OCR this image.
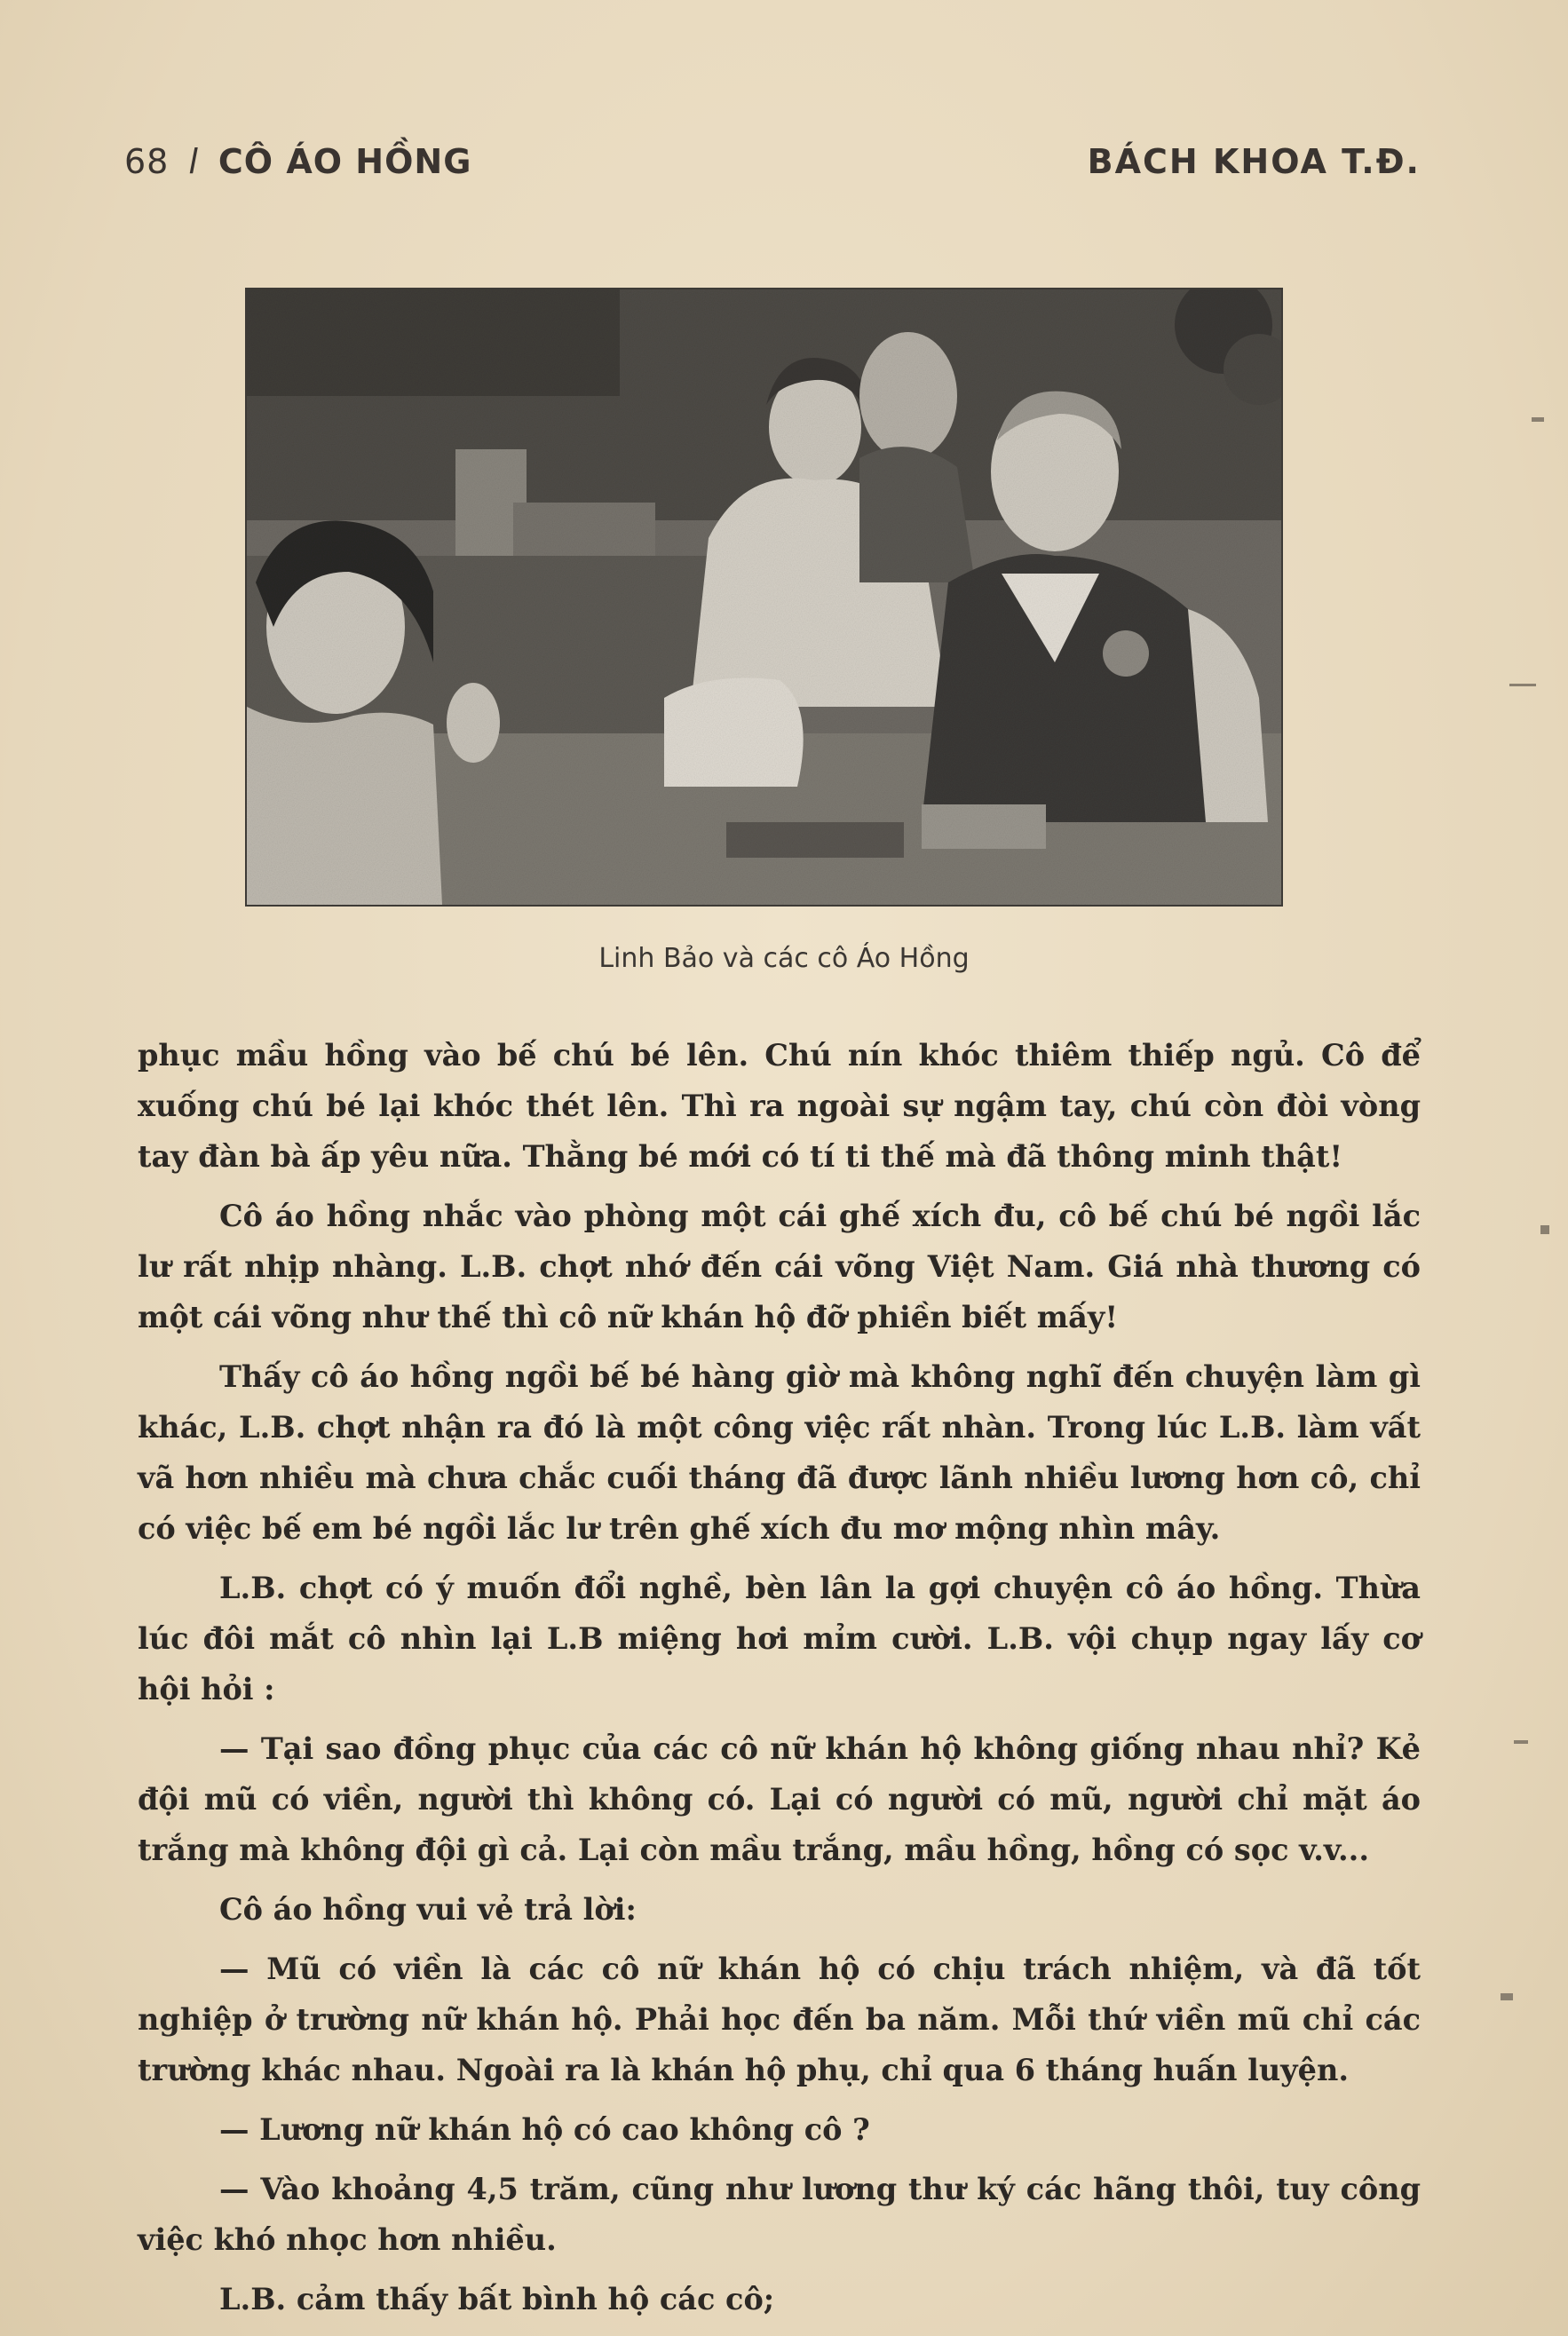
68 l CÔ ÁO HỒNG	BÁCH KHOA T.Đ.
Linh Bảo và các cô Áo Hồng

phục mầu hồng vào bế chú bé lên. Chú nín khóc thiêm thiếp ngủ. Cô để xuống chú bé lại khóc thét lên. Thì ra ngoài sự ngậm tay, chú còn đòi vòng tay đàn bà ấp yêu nữa. Thằng bé mới có tí ti thế mà đã thông minh thật!

Cô áo hồng nhắc vào phòng một cái ghế xích đu, cô bế chú bé ngồi lắc lư rất nhịp nhàng. L.B. chợt nhớ đến cái võng Việt Nam. Giá nhà thương có một cái võng như thế thì cô nữ khán hộ đỡ phiền biết mấy!

Thấy cô áo hồng ngồi bế bé hàng giờ mà không nghĩ đến chuyện làm gì khác, L.B. chợt nhận ra đó là một công việc rất nhàn. Trong lúc L.B. làm vất vã hơn nhiều mà chưa chắc cuối tháng đã được lãnh nhiều lương hơn cô, chỉ có việc bế em bé ngồi lắc lư trên ghế xích đu mơ mộng nhìn mây.

L.B. chợt có ý muốn đổi nghề, bèn lân la gợi chuyện cô áo hồng. Thừa lúc đôi mắt cô nhìn lại L.B miệng hơi mỉm cười. L.B. vội chụp ngay lấy cơ hội hỏi :

— Tại sao đồng phục của các cô nữ khán hộ không giống nhau nhỉ? Kẻ đội mũ có viền, người thì không có. Lại có người có mũ, người chỉ mặt áo trắng mà không đội gì cả. Lại còn mầu trắng, mầu hồng, hồng có sọc v.v...

Cô áo hồng vui vẻ trả lời:

— Mũ có viền là các cô nữ khán hộ có chịu trách nhiệm, và đã tốt nghiệp ở trường nữ khán hộ. Phải học đến ba năm. Mỗi thứ viền mũ chỉ các trường khác nhau. Ngoài ra là khán hộ phụ, chỉ qua 6 tháng huấn luyện.

— Lương nữ khán hộ có cao không cô ?

— Vào khoảng 4,5 trăm, cũng như lương thư ký các hãng thôi, tuy công việc khó nhọc hơn nhiều.

L.B. cảm thấy bất bình hộ các cô;
